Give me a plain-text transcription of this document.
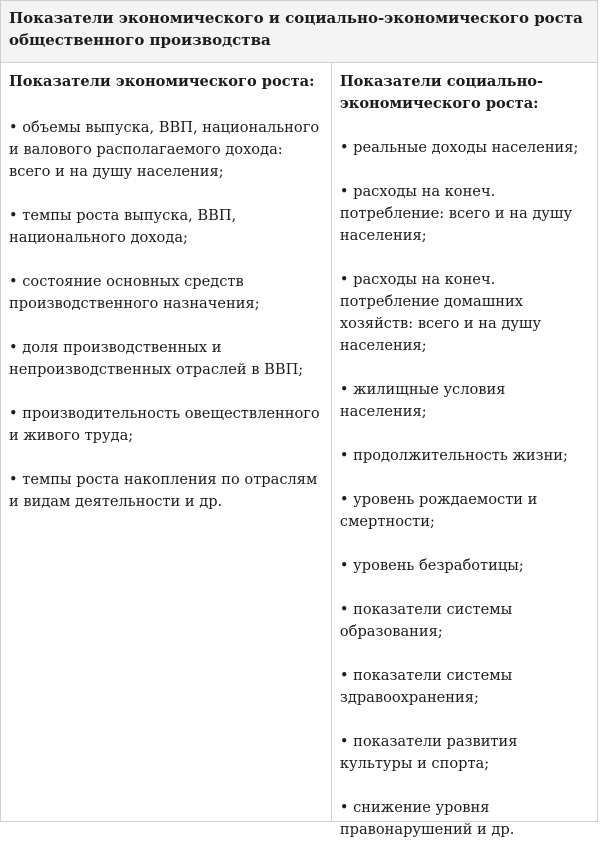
Показатели экономического и социально-экономического роста общественного производства
Показатели экономического роста:
• объемы выпуска, ВВП, национального и валового располагаемого дохода: всего и на душу населения;
• темпы роста выпуска, ВВП, национального дохода;
• состояние основных средств производственного назначения;
• доля производственных и непроизводственных отраслей в ВВП;
• производительность овеществленного и живого труда;
• темпы роста накопления по отраслям и видам деятельности и др.
Показатели социально-экономического роста:
• реальные доходы населения;
• расходы на конеч. потребление: всего и на душу населения;
• расходы на конеч. потребление домашних хозяйств: всего и на душу населения;
• жилищные условия населения;
• продолжительность жизни;
• уровень рождаемости и смертности;
• уровень безработицы;
• показатели системы образования;
• показатели системы здравоохранения;
• показатели развития культуры и спорта;
• снижение уровня правонарушений и др.
